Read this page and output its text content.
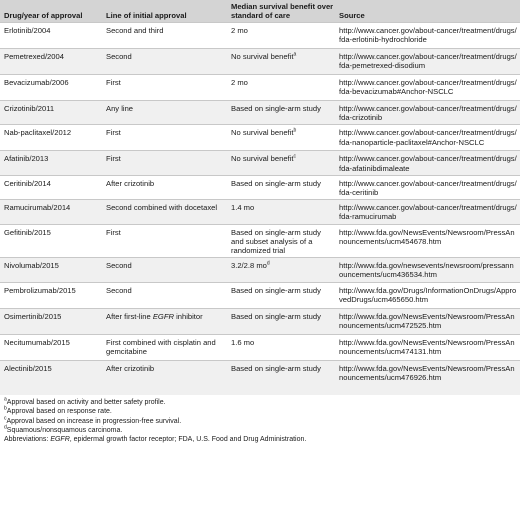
Drug/year of approval	Line of initial approval	Median survival benefit over standard of care	Source
Erlotinib/2004	Second and third	2 mo	http://www.cancer.gov/about-cancer/treatment/drugs/fda-erlotinib-hydrochloride
Pemetrexed/2004	Second	No survival benefit$^a$	http://www.cancer.gov/about-cancer/treatment/drugs/fda-pemetrexed-disodium
Bevacizumab/2006	First	2 mo	http://www.cancer.gov/about-cancer/treatment/drugs/fda-bevacizumab#Anchor-NSCLC
Crizotinib/2011	Any line	Based on single-arm study	http://www.cancer.gov/about-cancer/treatment/drugs/fda-crizotinib
Nab-paclitaxel/2012	First	No survival benefit$^b$	http://www.cancer.gov/about-cancer/treatment/drugs/fda-nanoparticle-paclitaxel#Anchor-NSCLC
Afatinib/2013	First	No survival benefit$^c$	http://www.cancer.gov/about-cancer/treatment/drugs/fda-afatinibdimaleate
Ceritinib/2014	After crizotinib	Based on single-arm study	http://www.cancer.gov/about-cancer/treatment/drugs/fda-ceritinib
Ramucirumab/2014	Second combined with docetaxel	1.4 mo	http://www.cancer.gov/about-cancer/treatment/drugs/fda-ramucirumab
Gefitinib/2015	First	Based on single-arm study and subset analysis of a randomized trial	http://www.fda.gov/NewsEvents/Newsroom/PressAnnouncements/ucm454678.htm
Nivolumab/2015	Second	3.2/2.8 $mo^d$	http://www.fda.gov/newsevents/newsroom/pressannouncements/ucm436534.htm
Pembrolizumab/2015	Second	Based on single-arm study	http://www.fda.gov/Drugs/InformationOnDrugs/ApprovedDrugs/ucm465650.htm
Osimertinib/2015	After first-line EGFR inhibitor	Based on single-arm study	http://www.fda.gov/NewsEvents/Newsroom/PressAnnouncements/ucm472525.htm
Necitumumab/2015	First combined with cisplatin and gemcitabine	1.6 mo	http://www.fda.gov/NewsEvents/Newsroom/PressAnnouncements/ucm474131.htm
Alectinib/2015	After crizotinib	Based on single-arm study	http://www.fda.gov/NewsEvents/Newsroom/PressAnnouncements/ucm476926.htm
$^a$Approval based on activity and better safety profile.
$^b$Approval based on response rate.
$^c$Approval based on increase in progression-free survival.
$^d$Squamous/nonsquamous carcinoma.
Abbreviations: EGFR, epidermal growth factor receptor; FDA, U.S. Food and Drug Administration.
